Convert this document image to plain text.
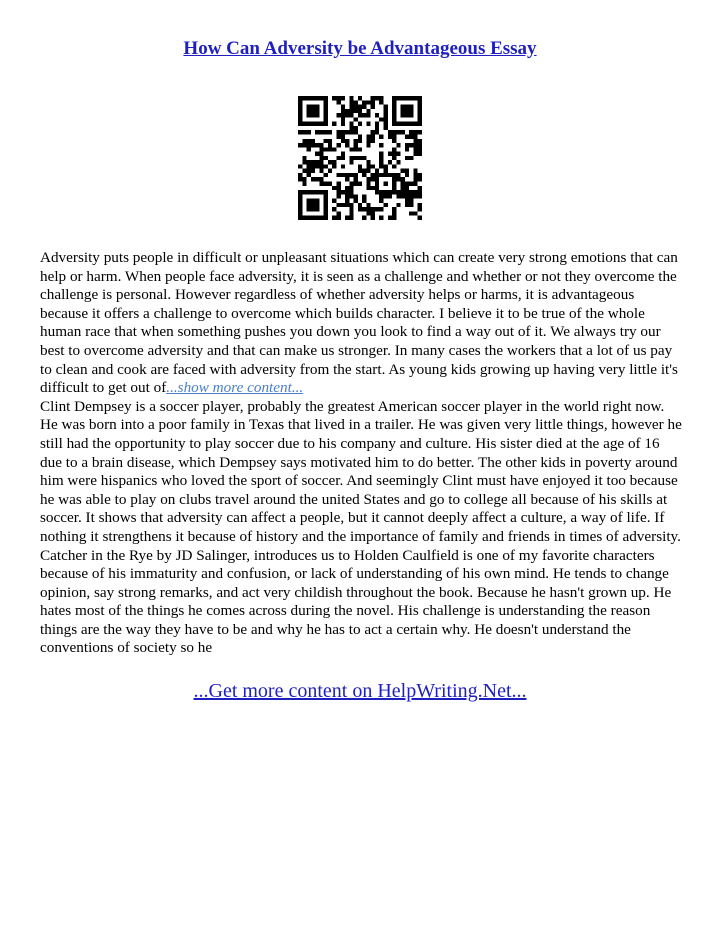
How Can Adversity be Advantageous Essay

Adversity puts people in difficult or unpleasant situations which can create very strong emotions that can help or harm. When people face adversity, it is seen as a challenge and whether or not they overcome the challenge is personal. However regardless of whether adversity helps or harms, it is advantageous because it offers a challenge to overcome which builds character. I believe it to be true of the whole human race that when something pushes you down you look to find a way out of it. We always try our best to overcome adversity and that can make us stronger. In many cases the workers that a lot of us pay to clean and cook are faced with adversity from the start. As young kids growing up having very little it's difficult to get out of...show more content...
Clint Dempsey is a soccer player, probably the greatest American soccer player in the world right now. He was born into a poor family in Texas that lived in a trailer. He was given very little things, however he still had the opportunity to play soccer due to his company and culture. His sister died at the age of 16 due to a brain disease, which Dempsey says motivated him to do better. The other kids in poverty around him were hispanics who loved the sport of soccer. And seemingly Clint must have enjoyed it too because he was able to play on clubs travel around the united States and go to college all because of his skills at soccer. It shows that adversity can affect a people, but it cannot deeply affect a culture, a way of life. If nothing it strengthens it because of history and the importance of family and friends in times of adversity. Catcher in the Rye by JD Salinger, introduces us to Holden Caulfield is one of my favorite characters because of his immaturity and confusion, or lack of understanding of his own mind. He tends to change opinion, say strong remarks, and act very childish throughout the book. Because he hasn't grown up. He hates most of the things he comes across during the novel. His challenge is understanding the reason things are the way they have to be and why he has to act a certain why. He doesn't understand the conventions of society so he

...Get more content on HelpWriting.Net...
